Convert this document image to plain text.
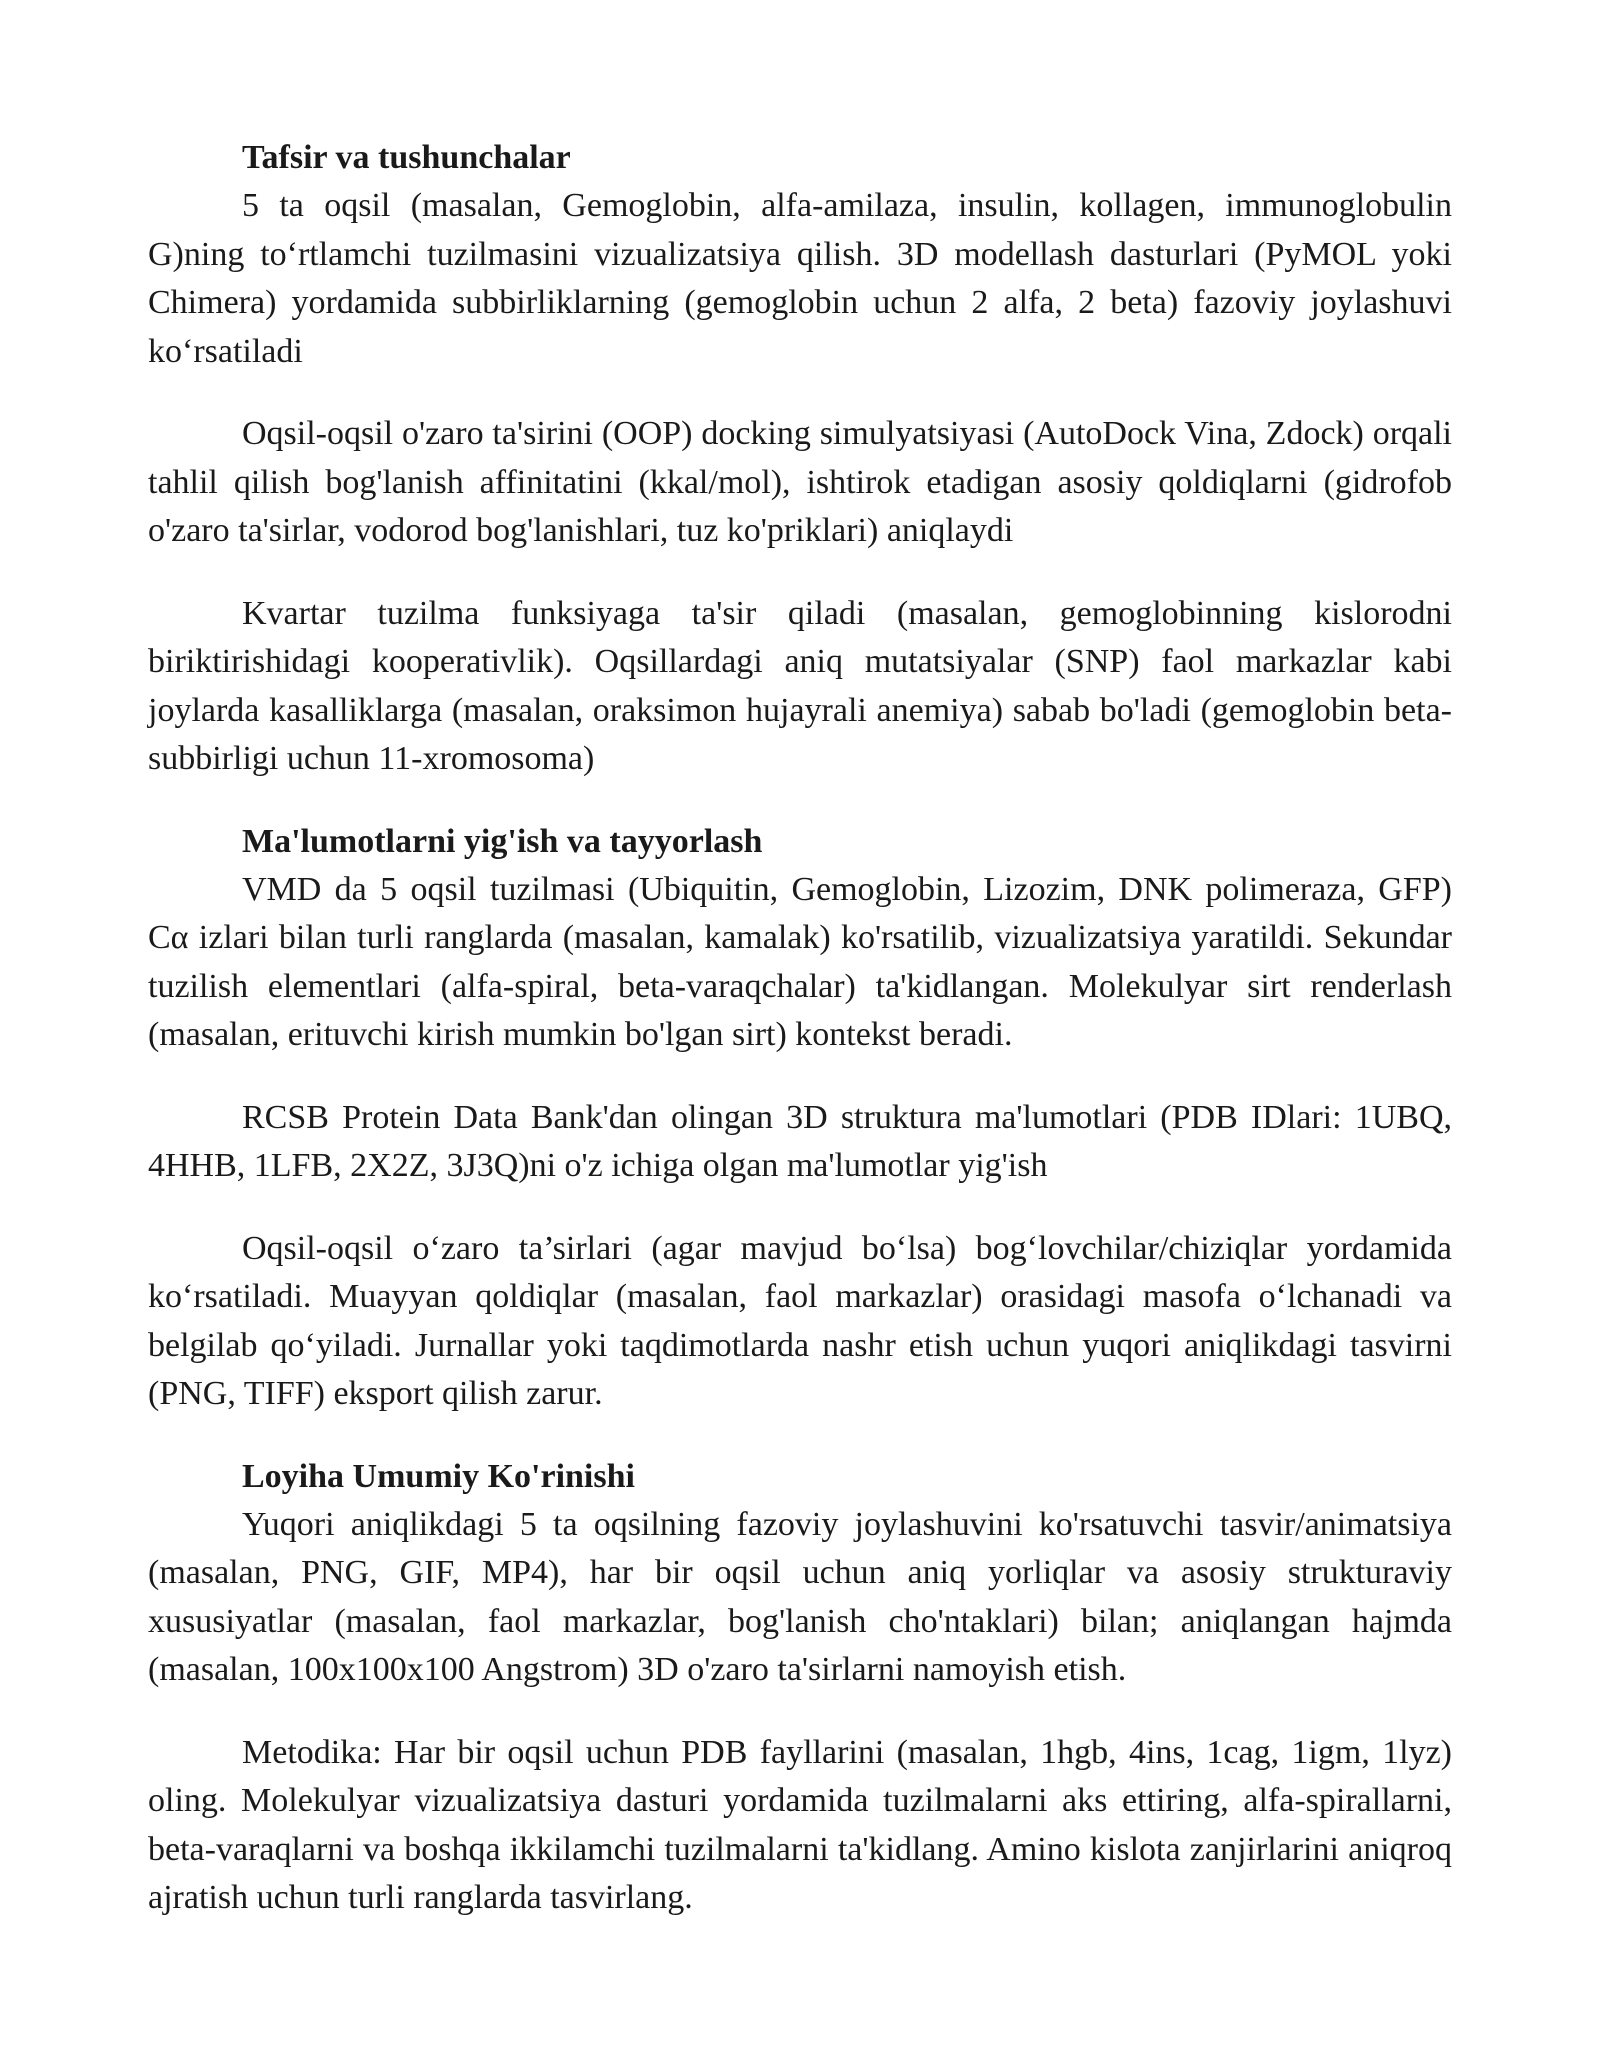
Tafsir va tushunchalar

5 ta oqsil (masalan, Gemoglobin, alfa-amilaza, insulin, kollagen, immunoglobulin G)ning to‘rtlamchi tuzilmasini vizualizatsiya qilish. 3D modellash dasturlari (PyMOL yoki Chimera) yordamida subbirliklarning (gemoglobin uchun 2 alfa, 2 beta) fazoviy joylashuvi ko‘rsatiladi

Oqsil-oqsil o'zaro ta'sirini (OOP) docking simulyatsiyasi (AutoDock Vina, Zdock) orqali tahlil qilish bog'lanish affinitatini (kkal/mol), ishtirok etadigan asosiy qoldiqlarni (gidrofob o'zaro ta'sirlar, vodorod bog'lanishlari, tuz ko'priklari) aniqlaydi

Kvartar tuzilma funksiyaga ta'sir qiladi (masalan, gemoglobinning kislorodni biriktirishidagi kooperativlik). Oqsillardagi aniq mutatsiyalar (SNP) faol markazlar kabi joylarda kasalliklarga (masalan, oraksimon hujayrali anemiya) sabab bo'ladi (gemoglobin beta-subbirligi uchun 11-xromosoma)

Ma'lumotlarni yig'ish va tayyorlash

VMD da 5 oqsil tuzilmasi (Ubiquitin, Gemoglobin, Lizozim, DNK polimeraza, GFP) Cα izlari bilan turli ranglarda (masalan, kamalak) ko'rsatilib, vizualizatsiya yaratildi. Sekundar tuzilish elementlari (alfa-spiral, beta-varaqchalar) ta'kidlangan. Molekulyar sirt renderlash (masalan, erituvchi kirish mumkin bo'lgan sirt) kontekst beradi.

RCSB Protein Data Bank'dan olingan 3D struktura ma'lumotlari (PDB IDlari: 1UBQ, 4HHB, 1LFB, 2X2Z, 3J3Q)ni o'z ichiga olgan ma'lumotlar yig'ish

Oqsil-oqsil o‘zaro ta’sirlari (agar mavjud bo‘lsa) bog‘lovchilar/chiziqlar yordamida ko‘rsatiladi. Muayyan qoldiqlar (masalan, faol markazlar) orasidagi masofa o‘lchanadi va belgilab qo‘yiladi. Jurnallar yoki taqdimotlarda nashr etish uchun yuqori aniqlikdagi tasvirni (PNG, TIFF) eksport qilish zarur.

Loyiha Umumiy Ko'rinishi

Yuqori aniqlikdagi 5 ta oqsilning fazoviy joylashuvini ko'rsatuvchi tasvir/animatsiya (masalan, PNG, GIF, MP4), har bir oqsil uchun aniq yorliqlar va asosiy strukturaviy xususiyatlar (masalan, faol markazlar, bog'lanish cho'ntaklari) bilan; aniqlangan hajmda (masalan, 100x100x100 Angstrom) 3D o'zaro ta'sirlarni namoyish etish.

Metodika: Har bir oqsil uchun PDB fayllarini (masalan, 1hgb, 4ins, 1cag, 1igm, 1lyz) oling. Molekulyar vizualizatsiya dasturi yordamida tuzilmalarni aks ettiring, alfa-spirallarni, beta-varaqlarni va boshqa ikkilamchi tuzilmalarni ta'kidlang. Amino kislota zanjirlarini aniqroq ajratish uchun turli ranglarda tasvirlang.
